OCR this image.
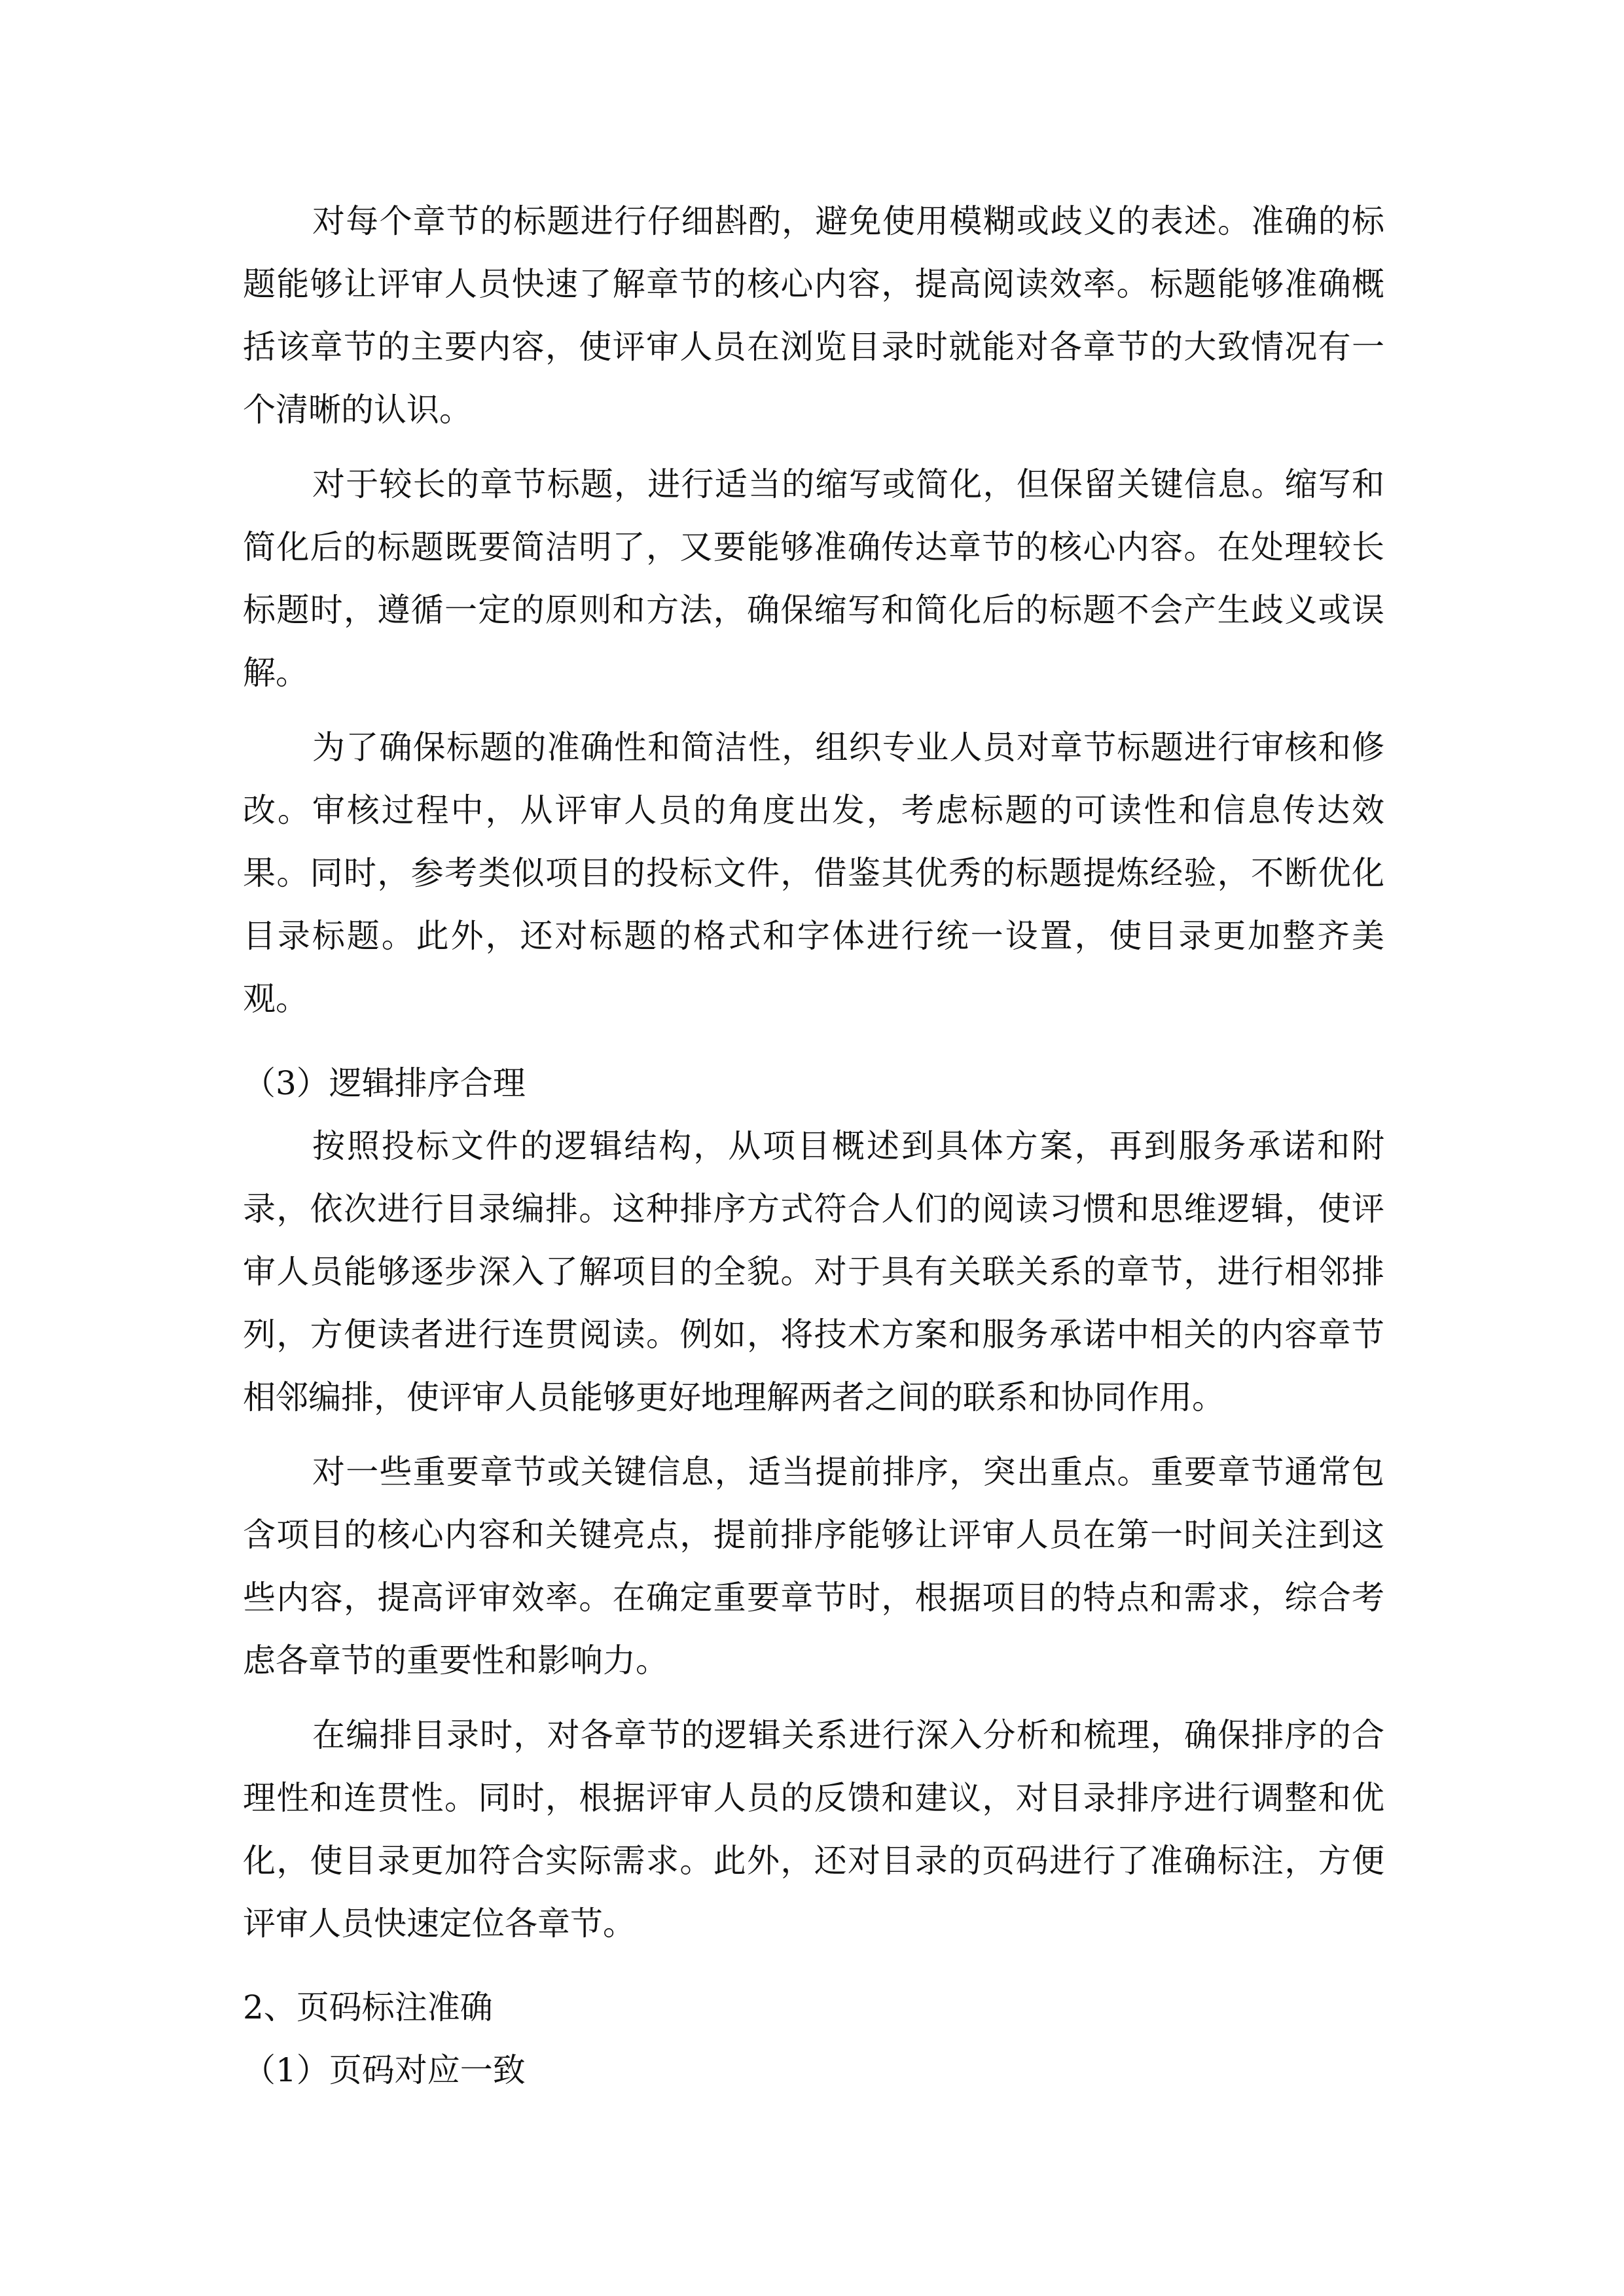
对每个章节的标题进行仔细斟酌，避免使用模糊或歧义的表述。准确的标
题能够让评审人员快速了解章节的核心内容，提高阅读效率。标题能够准确概
括该章节的主要内容，使评审人员在浏览目录时就能对各章节的大致情况有一
个清晰的认识。
对于较长的章节标题，进行适当的缩写或简化，但保留关键信息。缩写和
简化后的标题既要简洁明了，又要能够准确传达章节的核心内容。在处理较长
标题时，遵循一定的原则和方法，确保缩写和简化后的标题不会产生歧义或误
解。
为了确保标题的准确性和简洁性，组织专业人员对章节标题进行审核和修
改。审核过程中，从评审人员的角度出发，考虑标题的可读性和信息传达效
果。同时，参考类似项目的投标文件，借鉴其优秀的标题提炼经验，不断优化
目录标题。此外，还对标题的格式和字体进行统一设置，使目录更加整齐美
观。
（3）逻辑排序合理
按照投标文件的逻辑结构，从项目概述到具体方案，再到服务承诺和附
录，依次进行目录编排。这种排序方式符合人们的阅读习惯和思维逻辑，使评
审人员能够逐步深入了解项目的全貌。对于具有关联关系的章节，进行相邻排
列，方便读者进行连贯阅读。例如，将技术方案和服务承诺中相关的内容章节
相邻编排，使评审人员能够更好地理解两者之间的联系和协同作用。
对一些重要章节或关键信息，适当提前排序，突出重点。重要章节通常包
含项目的核心内容和关键亮点，提前排序能够让评审人员在第一时间关注到这
些内容，提高评审效率。在确定重要章节时，根据项目的特点和需求，综合考
虑各章节的重要性和影响力。
在编排目录时，对各章节的逻辑关系进行深入分析和梳理，确保排序的合
理性和连贯性。同时，根据评审人员的反馈和建议，对目录排序进行调整和优
化，使目录更加符合实际需求。此外，还对目录的页码进行了准确标注，方便
评审人员快速定位各章节。
2、页码标注准确
（1）页码对应一致
